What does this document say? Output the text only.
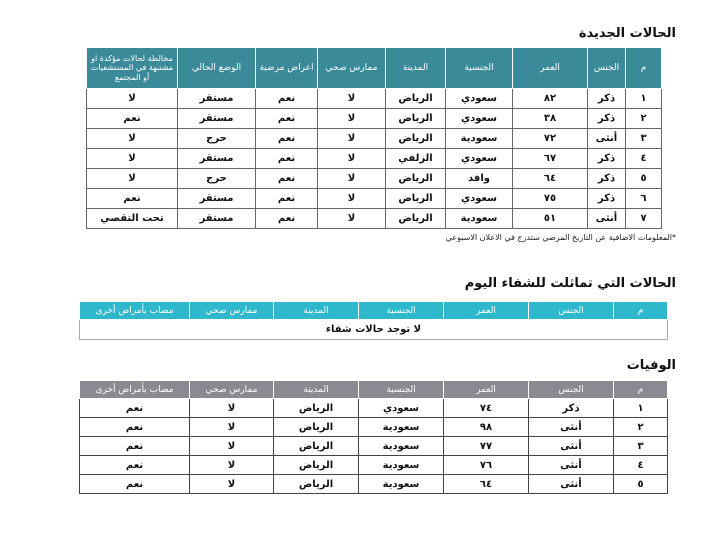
الحالات الجديدة
م	الجنس	العمر	الجنسية	المدينة	ممارس صحي	اعراض مرضية	الوضع الحالي	مخالطة لحالات مؤكدة او مشتبهة في المستشفيات أو المجتمع
١	ذكر	٨٢	سعودي	الرياض	لا	نعم	مستقر	لا
٢	ذكر	٣٨	سعودي	الرياض	لا	نعم	مستقر	نعم
٣	أنثى	٧٢	سعودية	الرياض	لا	نعم	حرج	لا
٤	ذكر	٦٧	سعودي	الزلفي	لا	نعم	مستقر	لا
٥	ذكر	٦٤	وافد	الرياض	لا	نعم	حرج	لا
٦	ذكر	٧٥	سعودي	الرياض	لا	نعم	مستقر	نعم
٧	أنثى	٥١	سعودية	الرياض	لا	نعم	مستقر	تحت التقصي
*المعلومات الاضافية عن التاريخ المرضي ستدرج في الاعلان الاسبوعي
الحالات التي تماثلت للشفاء اليوم
م	الجنس	العمر	الجنسية	المدينة	ممارس صحي	مصاب بأمراض أخرى
لا توجد حالات شفاء
الوفيات
م	الجنس	العمر	الجنسية	المدينة	ممارس صحي	مصاب بأمراض أخرى
١	ذكر	٧٤	سعودي	الرياض	لا	نعم
٢	أنثى	٩٨	سعودية	الرياض	لا	نعم
٣	أنثى	٧٧	سعودية	الرياض	لا	نعم
٤	أنثى	٧٦	سعودية	الرياض	لا	نعم
٥	أنثى	٦٤	سعودية	الرياض	لا	نعم
